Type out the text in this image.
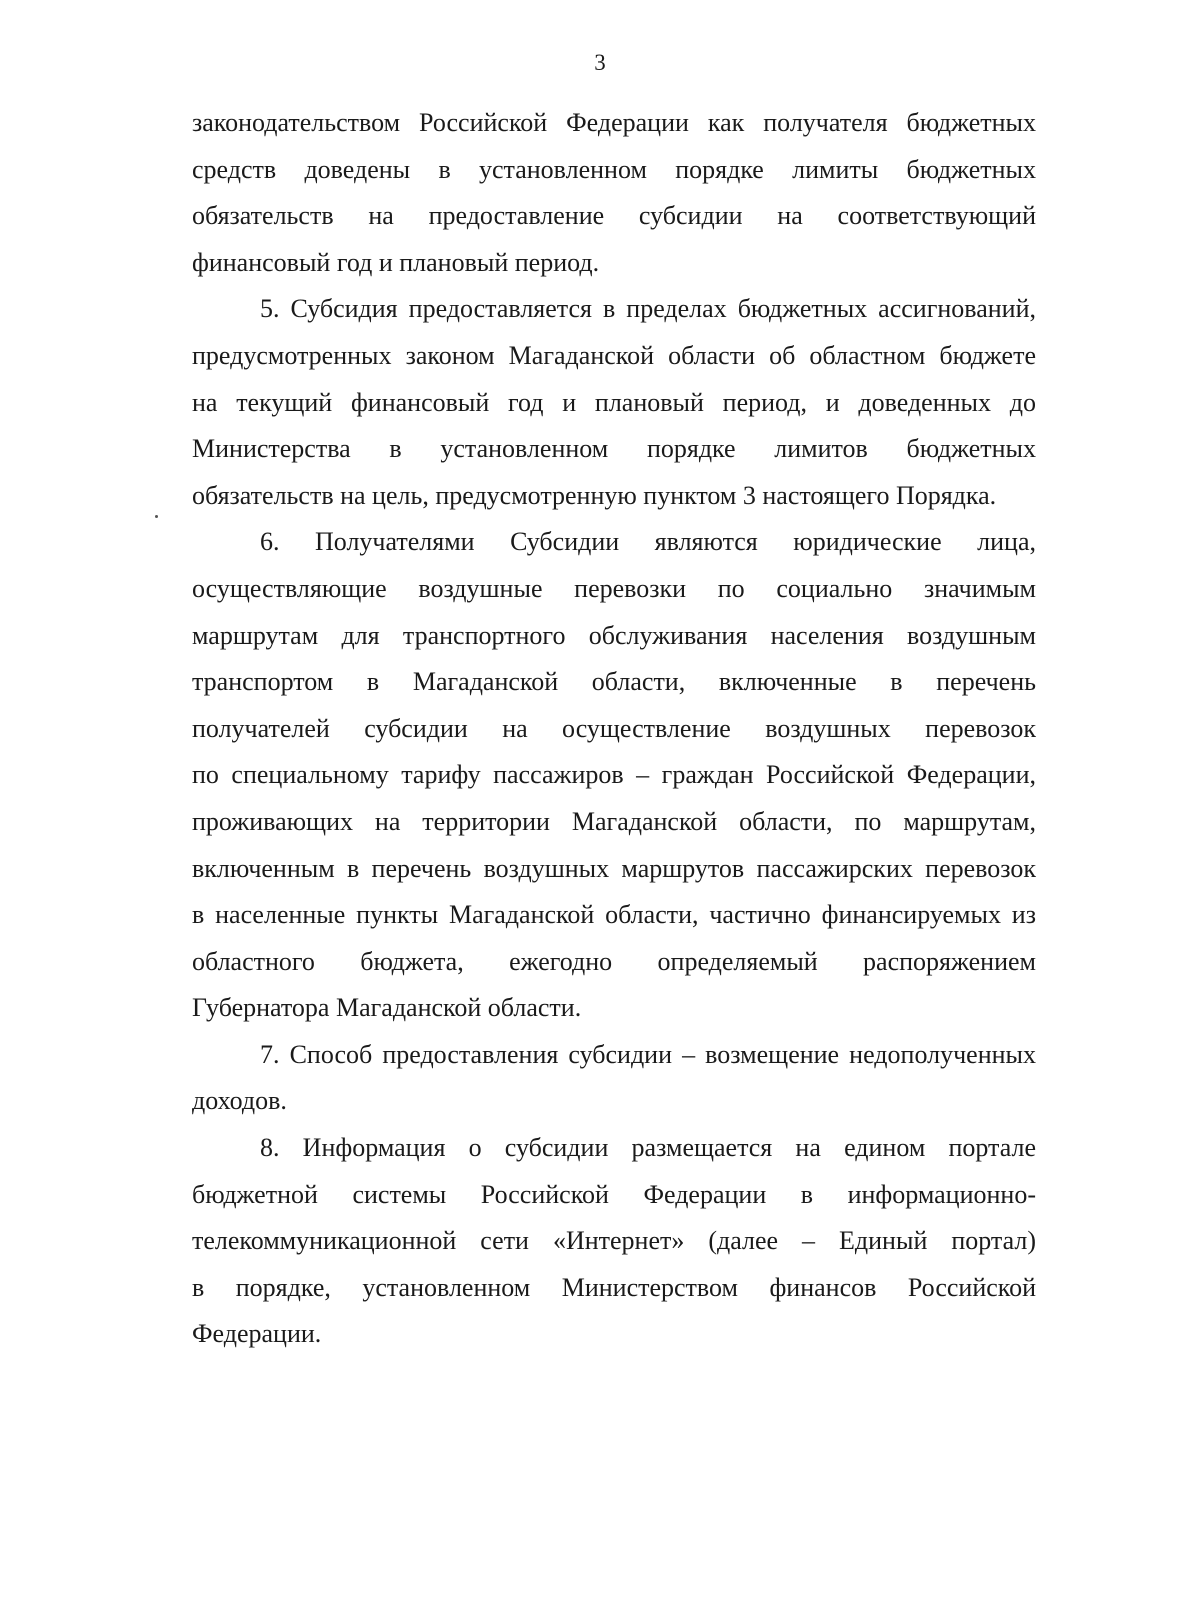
3
законодательством Российской Федерации как получателя бюджетных
средств доведены в установленном порядке лимиты бюджетных
обязательств на предоставление субсидии на соответствующий
финансовый год и плановый период.
5. Субсидия предоставляется в пределах бюджетных ассигнований,
предусмотренных законом Магаданской области об областном бюджете
на текущий финансовый год и плановый период, и доведенных до
Министерства в установленном порядке лимитов бюджетных
обязательств на цель, предусмотренную пунктом 3 настоящего Порядка.
6. Получателями Субсидии являются юридические лица,
осуществляющие воздушные перевозки по социально значимым
маршрутам для транспортного обслуживания населения воздушным
транспортом в Магаданской области, включенные в перечень
получателей субсидии на осуществление воздушных перевозок
по специальному тарифу пассажиров – граждан Российской Федерации,
проживающих на территории Магаданской области, по маршрутам,
включенным в перечень воздушных маршрутов пассажирских перевозок
в населенные пункты Магаданской области, частично финансируемых из
областного бюджета, ежегодно определяемый распоряжением
Губернатора Магаданской области.
7. Способ предоставления субсидии – возмещение недополученных
доходов.
8. Информация о субсидии размещается на едином портале
бюджетной системы Российской Федерации в информационно-
телекоммуникационной сети «Интернет» (далее – Единый портал)
в порядке, установленном Министерством финансов Российской
Федерации.
